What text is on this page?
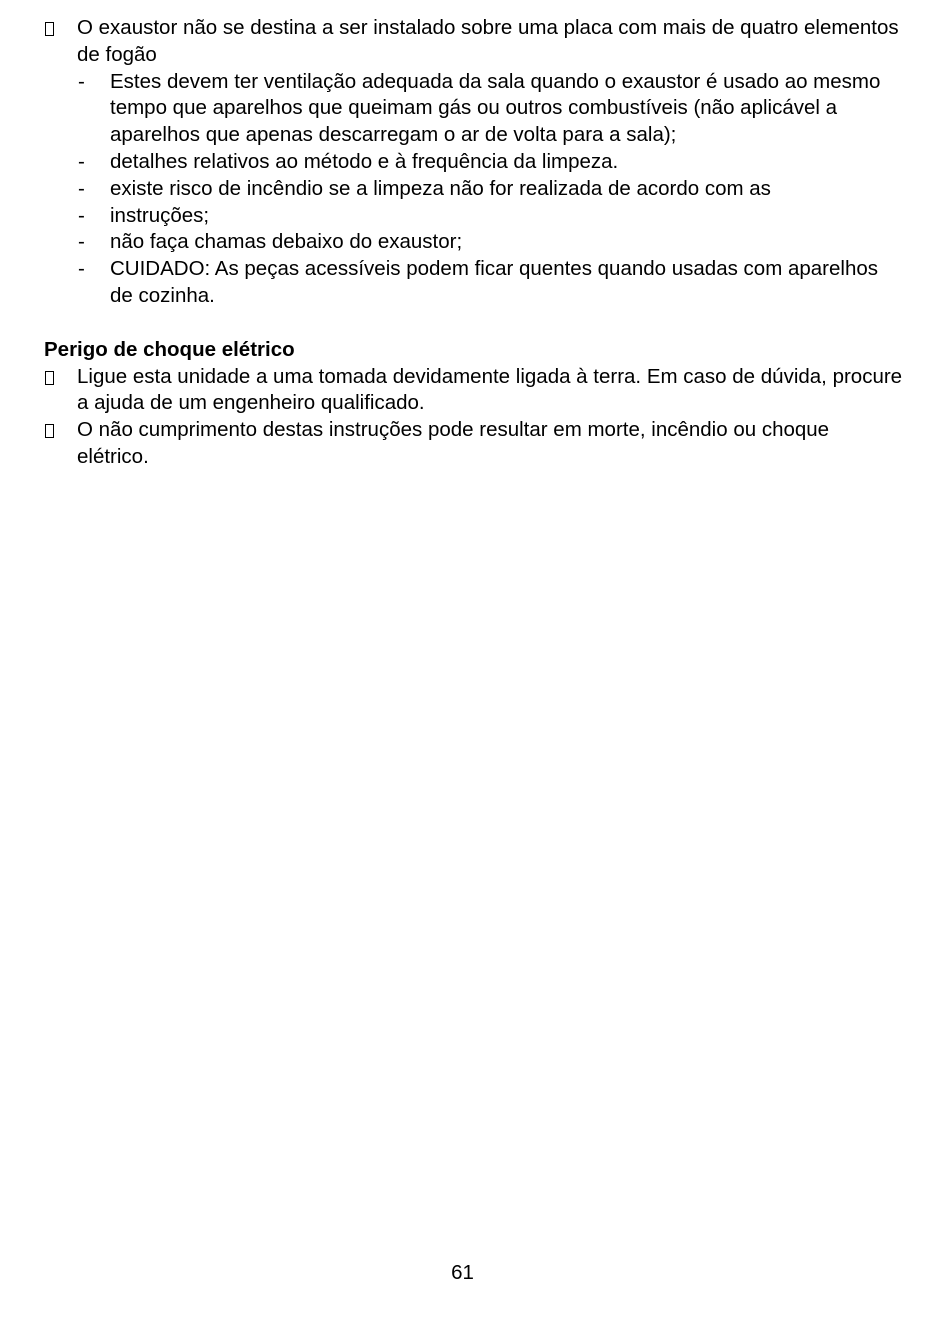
O exaustor não se destina a ser instalado sobre uma placa com mais de quatro elementos de fogão
- Estes devem ter ventilação adequada da sala quando o exaustor é usado ao mesmo tempo que aparelhos que queimam gás ou outros combustíveis (não aplicável a aparelhos que apenas descarregam o ar de volta para a sala);
- detalhes relativos ao método e à frequência da limpeza.
- existe risco de incêndio se a limpeza não for realizada de acordo com as
- instruções;
- não faça chamas debaixo do exaustor;
- CUIDADO: As peças acessíveis podem ficar quentes quando usadas com aparelhos de cozinha.
Perigo de choque elétrico
Ligue esta unidade a uma tomada devidamente ligada à terra. Em caso de dúvida, procure a ajuda de um engenheiro qualificado.
O não cumprimento destas instruções pode resultar em morte, incêndio ou choque elétrico.
61
